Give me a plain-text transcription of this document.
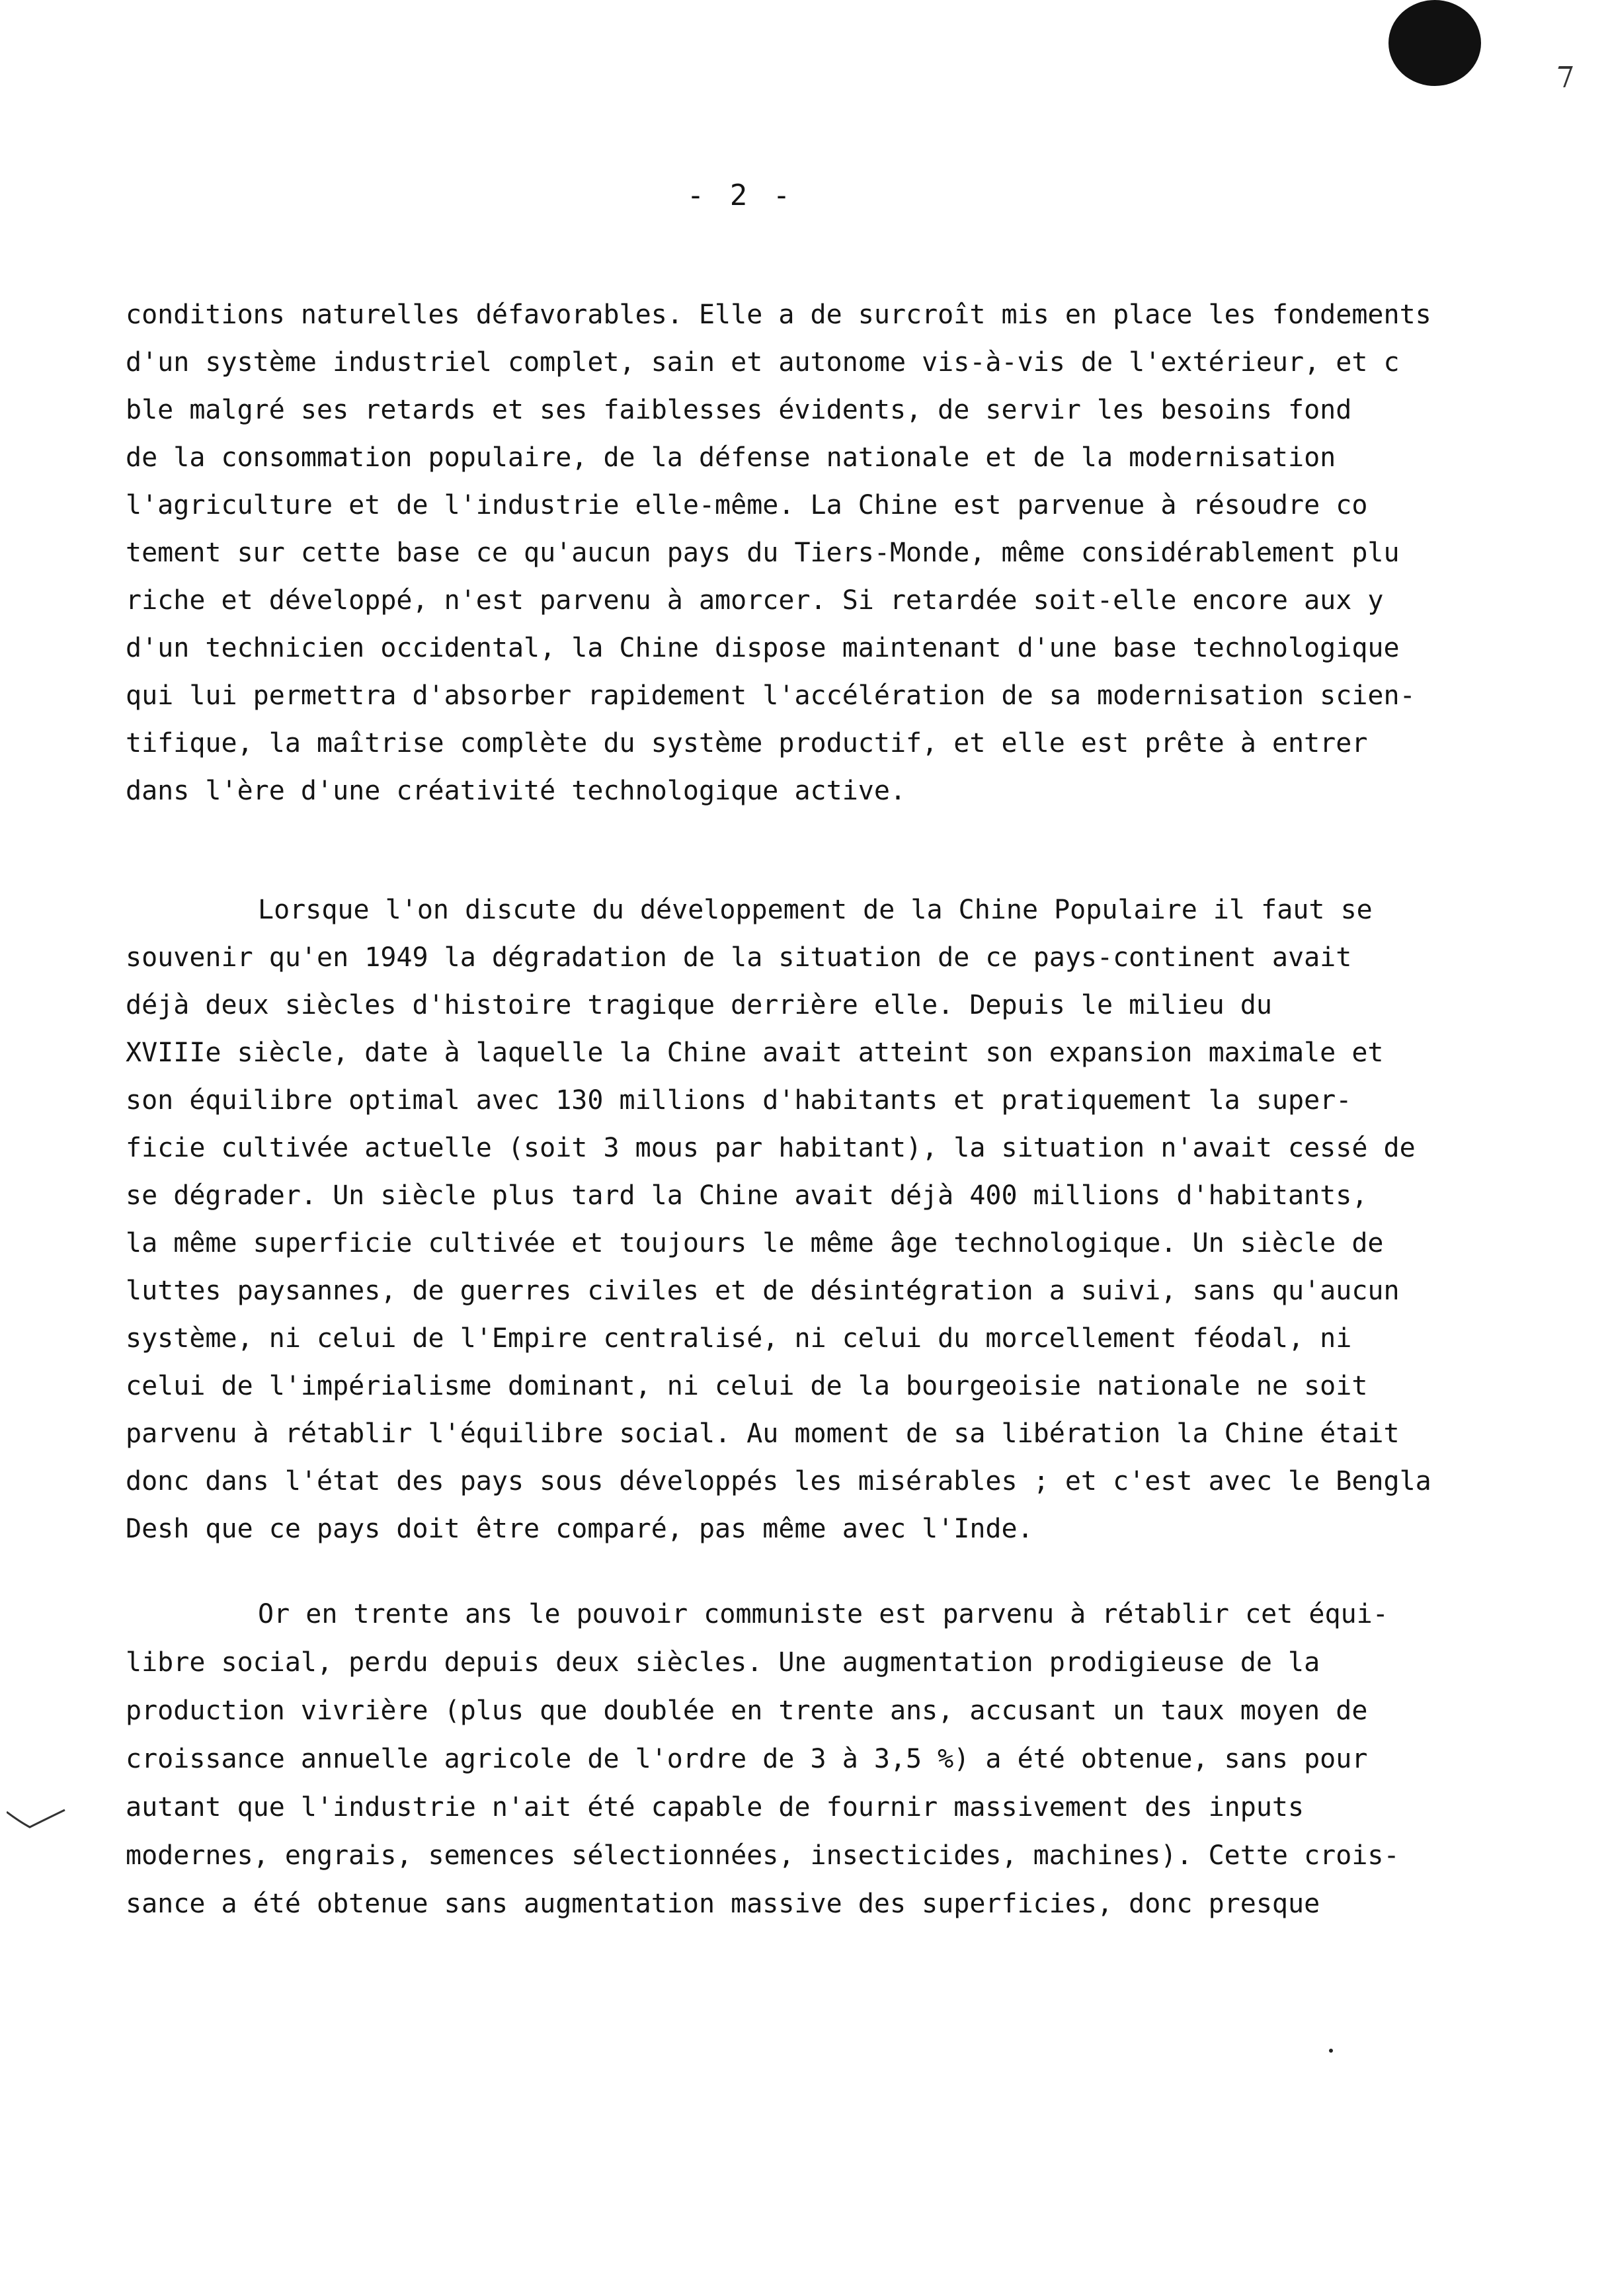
- 2 -
conditions naturelles défavorables. Elle a de surcroît mis en place les fondements
d'un système industriel complet, sain et autonome vis-à-vis de l'extérieur, et c
ble malgré ses retards et ses faiblesses évidents, de servir les besoins fond
de la consommation populaire, de la défense nationale et de la modernisation
l'agriculture et de l'industrie elle-même. La Chine est parvenue à résoudre co
tement sur cette base ce qu'aucun pays du Tiers-Monde, même considérablement plu
riche et développé, n'est parvenu à amorcer. Si retardée soit-elle encore aux y
d'un technicien occidental, la Chine dispose maintenant d'une base technologique
qui lui permettra d'absorber rapidement l'accélération de sa modernisation scien-
tifique, la maîtrise complète du système productif, et elle est prête à entrer
dans l'ère d'une créativité technologique active.
Lorsque l'on discute du développement de la Chine Populaire il faut se
souvenir qu'en 1949 la dégradation de la situation de ce pays-continent avait
déjà deux siècles d'histoire tragique derrière elle. Depuis le milieu du
XVIIIe siècle, date à laquelle la Chine avait atteint son expansion maximale et
son équilibre optimal avec 130 millions d'habitants et pratiquement la super-
ficie cultivée actuelle (soit 3 mous par habitant), la situation n'avait cessé de
se dégrader. Un siècle plus tard la Chine avait déjà 400 millions d'habitants,
la même superficie cultivée et toujours le même âge technologique. Un siècle de
luttes paysannes, de guerres civiles et de désintégration a suivi, sans qu'aucun
système, ni celui de l'Empire centralisé, ni celui du morcellement féodal, ni
celui de l'impérialisme dominant, ni celui de la bourgeoisie nationale ne soit
parvenu à rétablir l'équilibre social. Au moment de sa libération la Chine était
donc dans l'état des pays sous développés les misérables ; et c'est avec le Bengla
Desh que ce pays doit être comparé, pas même avec l'Inde.
Or en trente ans le pouvoir communiste est parvenu à rétablir cet équi-
libre social, perdu depuis deux siècles. Une augmentation prodigieuse de la
production vivrière (plus que doublée en trente ans, accusant un taux moyen de
croissance annuelle agricole de l'ordre de 3 à 3,5 %) a été obtenue, sans pour
autant que l'industrie n'ait été capable de fournir massivement des inputs
modernes, engrais, semences sélectionnées, insecticides, machines). Cette crois-
sance a été obtenue sans augmentation massive des superficies, donc presque
